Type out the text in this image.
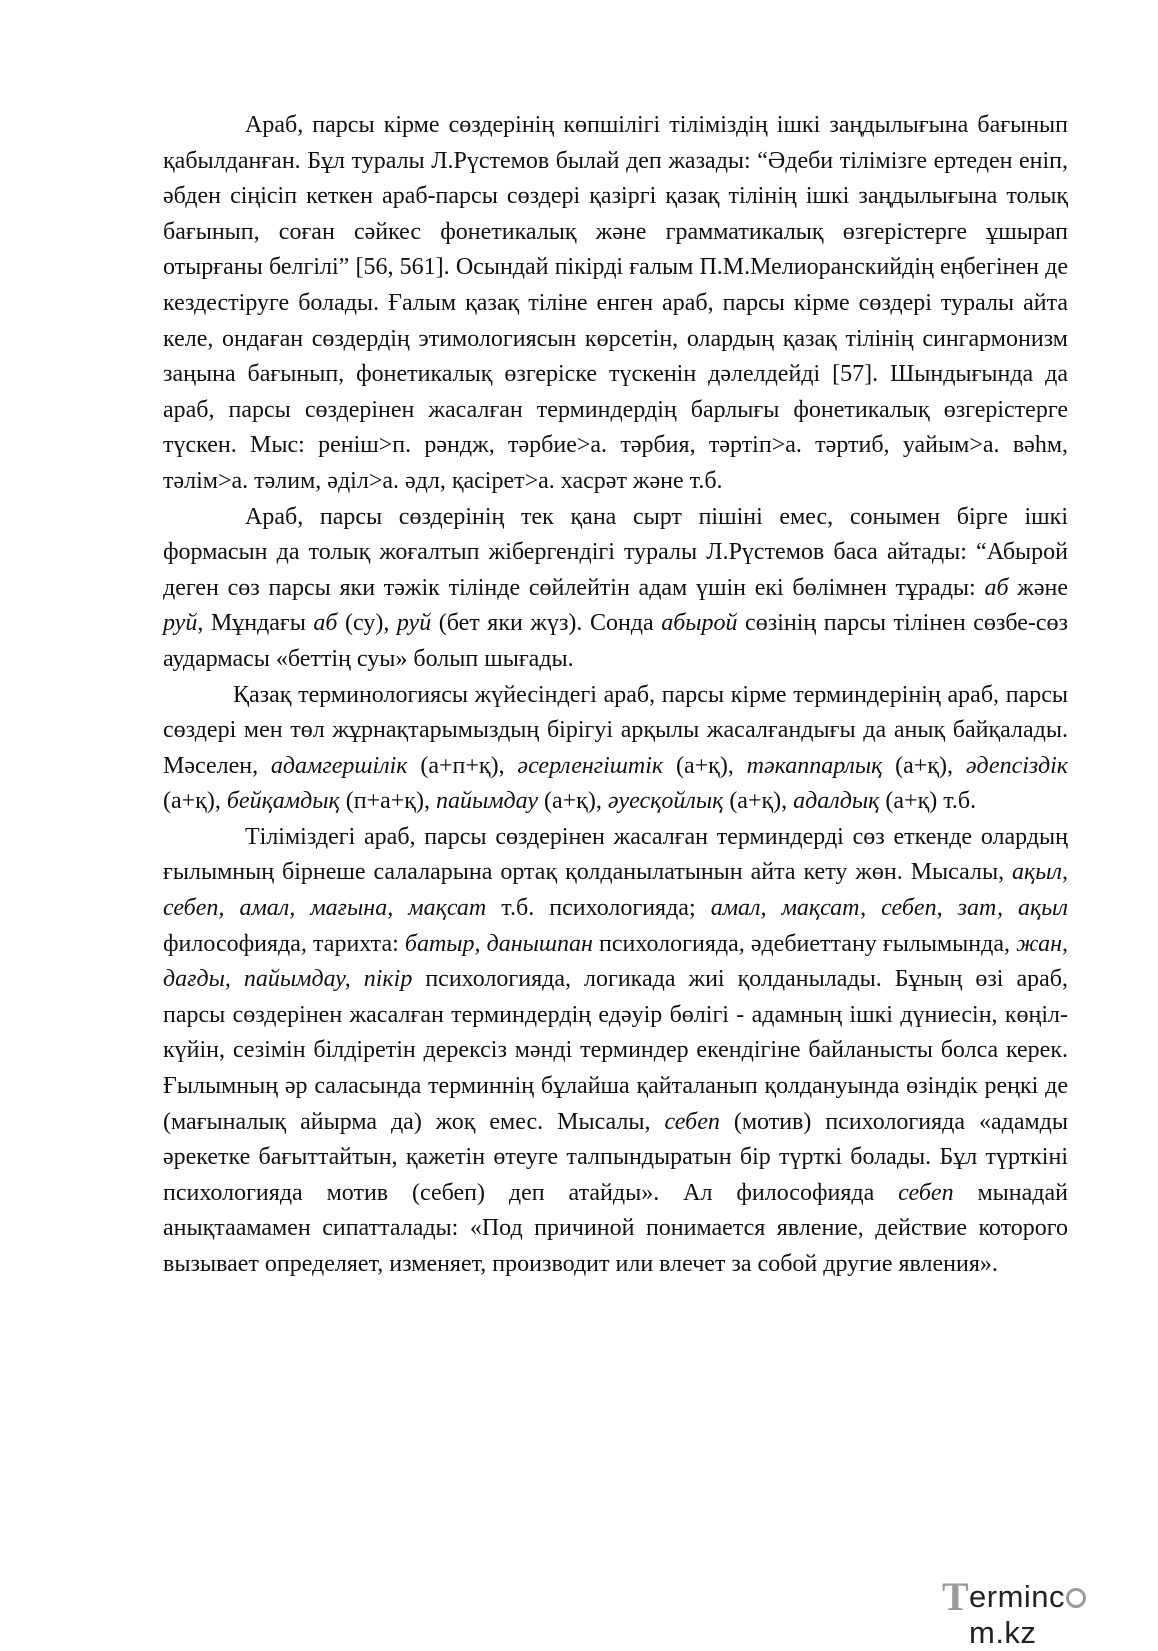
Араб, парсы кірме сөздерінің көпшілігі тіліміздің ішкі заңдылығына бағынып қабылданған. Бұл туралы Л.Рүстемов былай деп жазады: “Әдеби тілімізге ертеден еніп, әбден сіңісіп кеткен араб-парсы сөздері қазіргі қазақ тілінің ішкі заңдылығына толық бағынып, соған сәйкес фонетикалық және грамматикалық өзгерістерге ұшырап отырғаны белгілі” [56, 561]. Осындай пікірді ғалым П.М.Мелиоранскийдің еңбегінен де кездестіруге болады. Ғалым қазақ тіліне енген араб, парсы кірме сөздері туралы айта келе, ондаған сөздердің этимологиясын көрсетін, олардың қазақ тілінің сингармонизм заңына бағынып, фонетикалық өзгеріске түскенін дәлелдейді [57]. Шындығында да араб, парсы сөздерінен жасалған терминдердің барлығы фонетикалық өзгерістерге түскен. Мыс: реніш>п. рәндж, тәрбие>а. тәрбия, тәртіп>а. тәртиб, уайым>а. вәһм, тәлім>а. тәлим, әділ>а. әдл, қасірет>а. хасрәт және т.б.

Араб, парсы сөздерінің тек қана сырт пішіні емес, сонымен бірге ішкі формасын да толық жоғалтып жібергендігі туралы Л.Рүстемов баса айтады: “Абырой деген сөз парсы яки тәжік тілінде сөйлейтін адам үшін екі бөлімнен тұрады: аб және руй, Мұндағы аб (су), руй (бет яки жүз). Сонда абырой сөзінің парсы тілінен сөзбе-сөз аудармасы «беттің суы» болып шығады.

Қазақ терминологиясы жүйесіндегі араб, парсы кірме терминдерінің араб, парсы сөздері мен төл жұрнақтарымыздың бірігуі арқылы жасалғандығы да анық байқалады. Мәселен, адамгершілік (а+п+қ), әсерленгіштік (а+қ), тәкаппарлық (а+қ), әдепсіздік (а+қ), бейқамдық (п+а+қ), пайымдау (а+қ), әуесқойлық (а+қ), адалдық (а+қ) т.б.

Тіліміздегі араб, парсы сөздерінен жасалған терминдерді сөз еткенде олардың ғылымның бірнеше салаларына ортақ қолданылатынын айта кету жөн. Мысалы, ақыл, себеп, амал, мағына, мақсат т.б. психологияда; амал, мақсат, себеп, зат, ақыл философияда, тарихта: батыр, данышпан психологияда, әдебиеттану ғылымында, жан, дағды, пайымдау, пікір психологияда, логикада жиі қолданылады. Бұның өзі араб, парсы сөздерінен жасалған терминдердің едәуір бөлігі - адамның ішкі дүниесін, көңіл-күйін, сезімін білдіретін дерексіз мәнді терминдер екендігіне байланысты болса керек. Ғылымның әр саласында терминнің бұлайша қайталанып қолдануында өзіндік реңкі де (мағыналық айырма да) жоқ емес. Мысалы, себеп (мотив) психологияда «адамды әрекетке бағыттайтын, қажетін өтеуге талпындыратын бір түрткі болады. Бұл түрткіні психологияда мотив (себеп) деп атайды». Ал философияда себеп мынадай анықтаамамен сипатталады: «Под причиной понимается явление, действие которого вызывает определяет, изменяет, производит или влечет за собой другие явления».

T ermincm.kz
